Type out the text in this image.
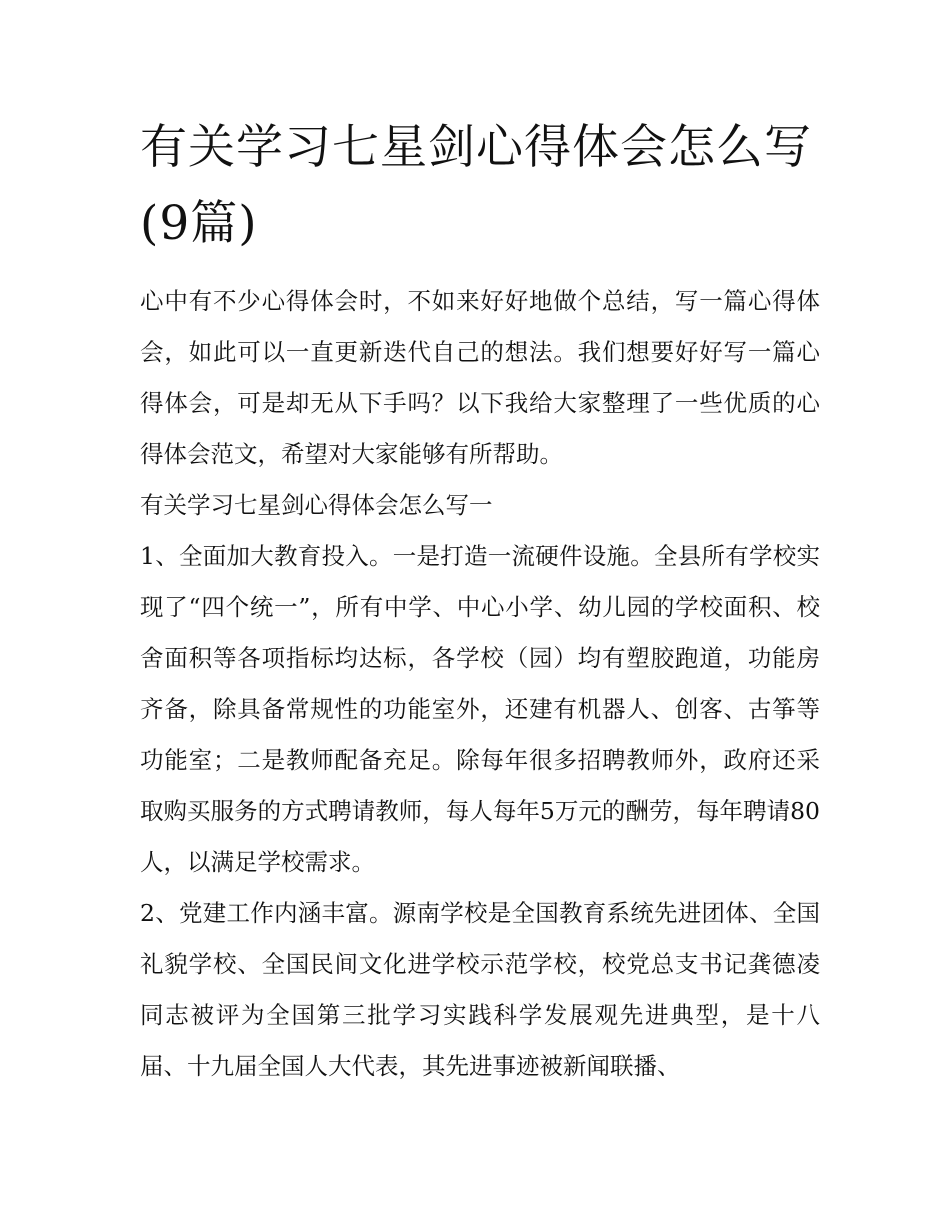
有关学习七星剑心得体会怎么写(9篇)

心中有不少心得体会时，不如来好好地做个总结，写一篇心得体会，如此可以一直更新迭代自己的想法。我们想要好好写一篇心得体会，可是却无从下手吗？以下我给大家整理了一些优质的心得体会范文，希望对大家能够有所帮助。

有关学习七星剑心得体会怎么写一

1、全面加大教育投入。一是打造一流硬件设施。全县所有学校实现了“四个统一”，所有中学、中心小学、幼儿园的学校面积、校舍面积等各项指标均达标，各学校（园）均有塑胶跑道，功能房齐备，除具备常规性的功能室外，还建有机器人、创客、古筝等功能室；二是教师配备充足。除每年很多招聘教师外，政府还采取购买服务的方式聘请教师，每人每年5万元的酬劳，每年聘请80人，以满足学校需求。

2、党建工作内涵丰富。源南学校是全国教育系统先进团体、全国礼貌学校、全国民间文化进学校示范学校，校党总支书记龚德凌同志被评为全国第三批学习实践科学发展观先进典型，是十八届、十九届全国人大代表，其先进事迹被新闻联播、
